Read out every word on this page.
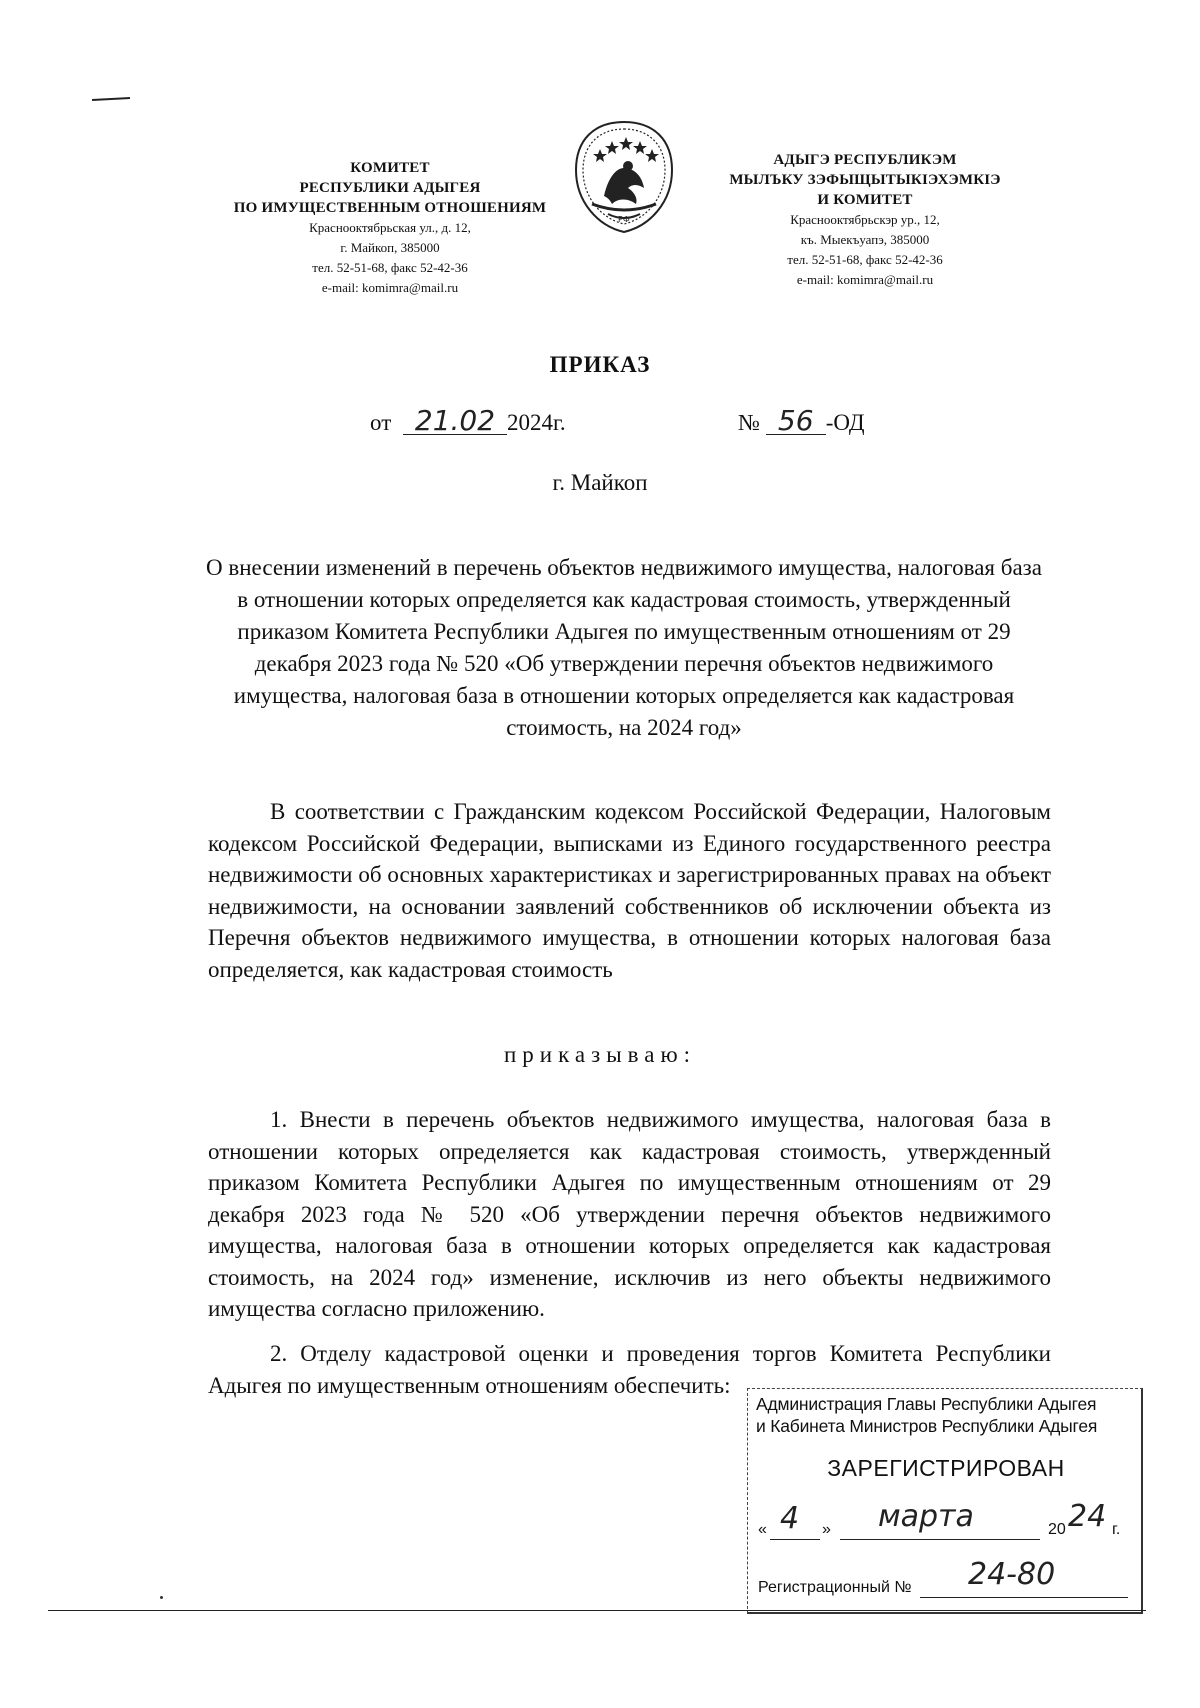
КОМИТЕТ
РЕСПУБЛИКИ АДЫГЕЯ
ПО ИМУЩЕСТВЕННЫМ ОТНОШЕНИЯМ
Краснооктябрьская ул., д. 12,
г. Майкоп, 385000
тел. 52-51-68, факс 52-42-36
e-mail: komimra@mail.ru
PФ
АДЫГЭ РЕСПУБЛИКЭМ
МЫЛЪКУ ЗЭФЫЩЫТЫКIЭХЭМКIЭ
И КОМИТЕТ
Краснооктябрьскэр ур., 12,
къ. Мыекъуапэ, 385000
тел. 52-51-68, факс 52-42-36
e-mail: komimra@mail.ru
ПРИКАЗ
от 21.02 2024г.	№ 56 -ОД
г. Майкоп
О внесении изменений в перечень объектов недвижимого имущества, налоговая база в отношении которых определяется как кадастровая стоимость, утвержденный приказом Комитета Республики Адыгея по имущественным отношениям от 29 декабря 2023 года № 520 «Об утверждении перечня объектов недвижимого имущества, налоговая база в отношении которых определяется как кадастровая стоимость, на 2024 год»
В соответствии с Гражданским кодексом Российской Федерации, Налоговым кодексом Российской Федерации, выписками из Единого государственного реестра недвижимости об основных характеристиках и зарегистрированных правах на объект недвижимости, на основании заявлений собственников об исключении объекта из Перечня объектов недвижимого имущества, в отношении которых налоговая база определяется, как кадастровая стоимость
приказываю:
1. Внести в перечень объектов недвижимого имущества, налоговая база в отношении которых определяется как кадастровая стоимость, утвержденный приказом Комитета Республики Адыгея по имущественным отношениям от 29 декабря 2023 года № 520 «Об утверждении перечня объектов недвижимого имущества, налоговая база в отношении которых определяется как кадастровая стоимость, на 2024 год» изменение, исключив из него объекты недвижимого имущества согласно приложению.
2. Отделу кадастровой оценки и проведения торгов Комитета Республики Адыгея по имущественным отношениям обеспечить:
Администрация Главы Республики Адыгея
и Кабинета Министров Республики Адыгея
ЗАРЕГИСТРИРОВАН
« 4 » марта	20 24 г.
Регистрационный № 24-80
